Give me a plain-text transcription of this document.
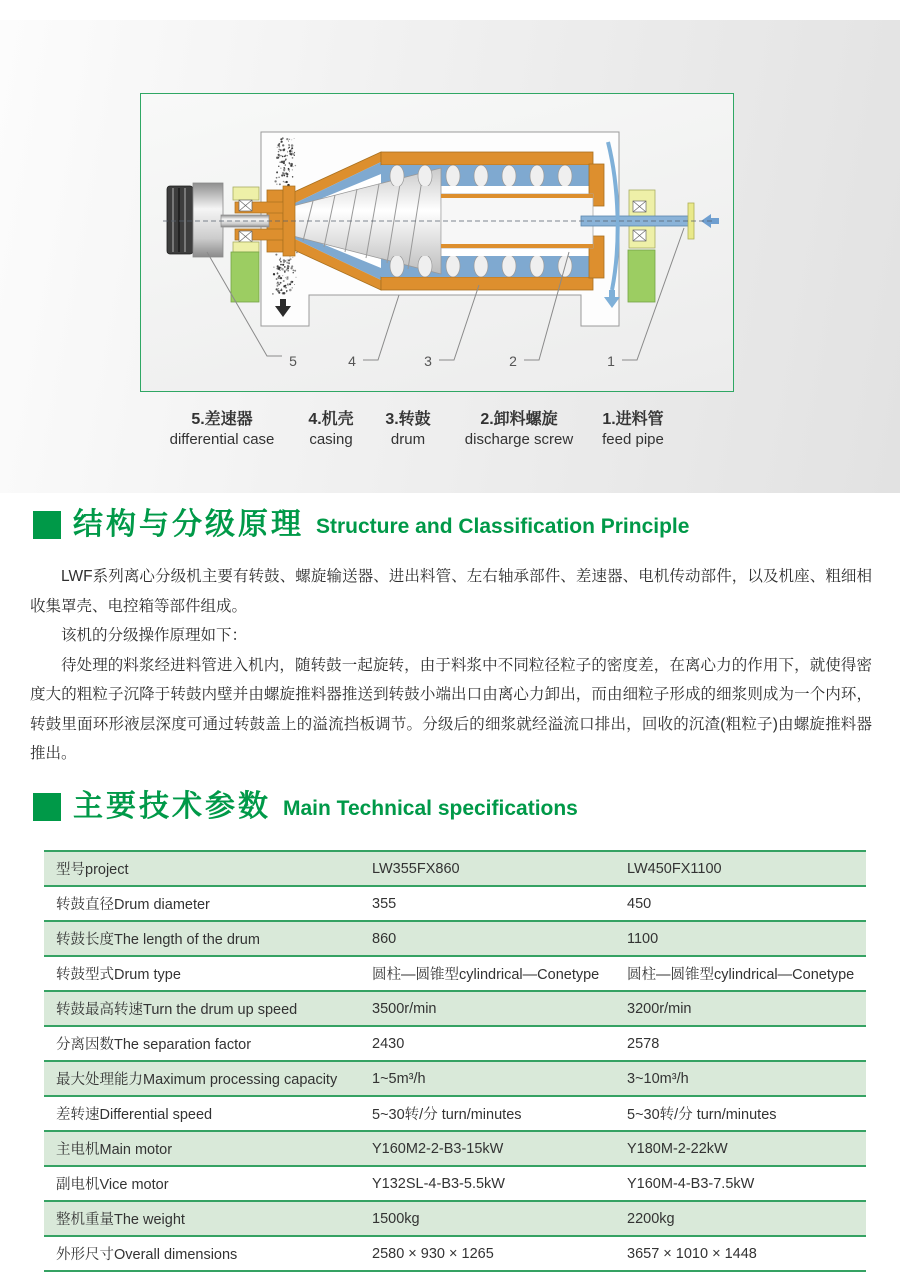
5	4	3	2	1
5.差速器
differential case
4.机壳
casing
3.转鼓
drum
2.卸料螺旋
discharge screw
1.进料管
feed pipe
结构与分级原理 Structure and Classification Principle

LWF系列离心分级机主要有转鼓、螺旋输送器、进出料管、左右轴承部件、差速器、电机传动部件，以及机座、粗细相收集罩壳、电控箱等部件组成。

该机的分级操作原理如下：

待处理的料浆经进料管进入机内，随转鼓一起旋转，由于料浆中不同粒径粒子的密度差，在离心力的作用下，就使得密度大的粗粒子沉降于转鼓内壁并由螺旋推料器推送到转鼓小端出口由离心力卸出，而由细粒子形成的细浆则成为一个内环，转鼓里面环形液层深度可通过转鼓盖上的溢流挡板调节。分级后的细浆就经溢流口排出，回收的沉渣(粗粒子)由螺旋推料器推出。

主要技术参数 Main Technical specifications
型号project	LW355FX860	LW450FX1100
转鼓直径Drum diameter	355	450
转鼓长度The length of the drum	860	1100
转鼓型式Drum type	圆柱—圆锥型cylindrical—Conetype	圆柱—圆锥型cylindrical—Conetype
转鼓最高转速Turn the drum up speed	3500r/min	3200r/min
分离因数The separation factor	2430	2578
最大处理能力Maximum processing capacity	1~5m³/h	3~10m³/h
差转速Differential speed	5~30转/分 turn/minutes	5~30转/分 turn/minutes
主电机Main motor	Y160M2-2-B3-15kW	Y180M-2-22kW
副电机Vice motor	Y132SL-4-B3-5.5kW	Y160M-4-B3-7.5kW
整机重量The weight	1500kg	2200kg
外形尺寸Overall dimensions	2580 × 930 × 1265	3657 × 1010 × 1448
